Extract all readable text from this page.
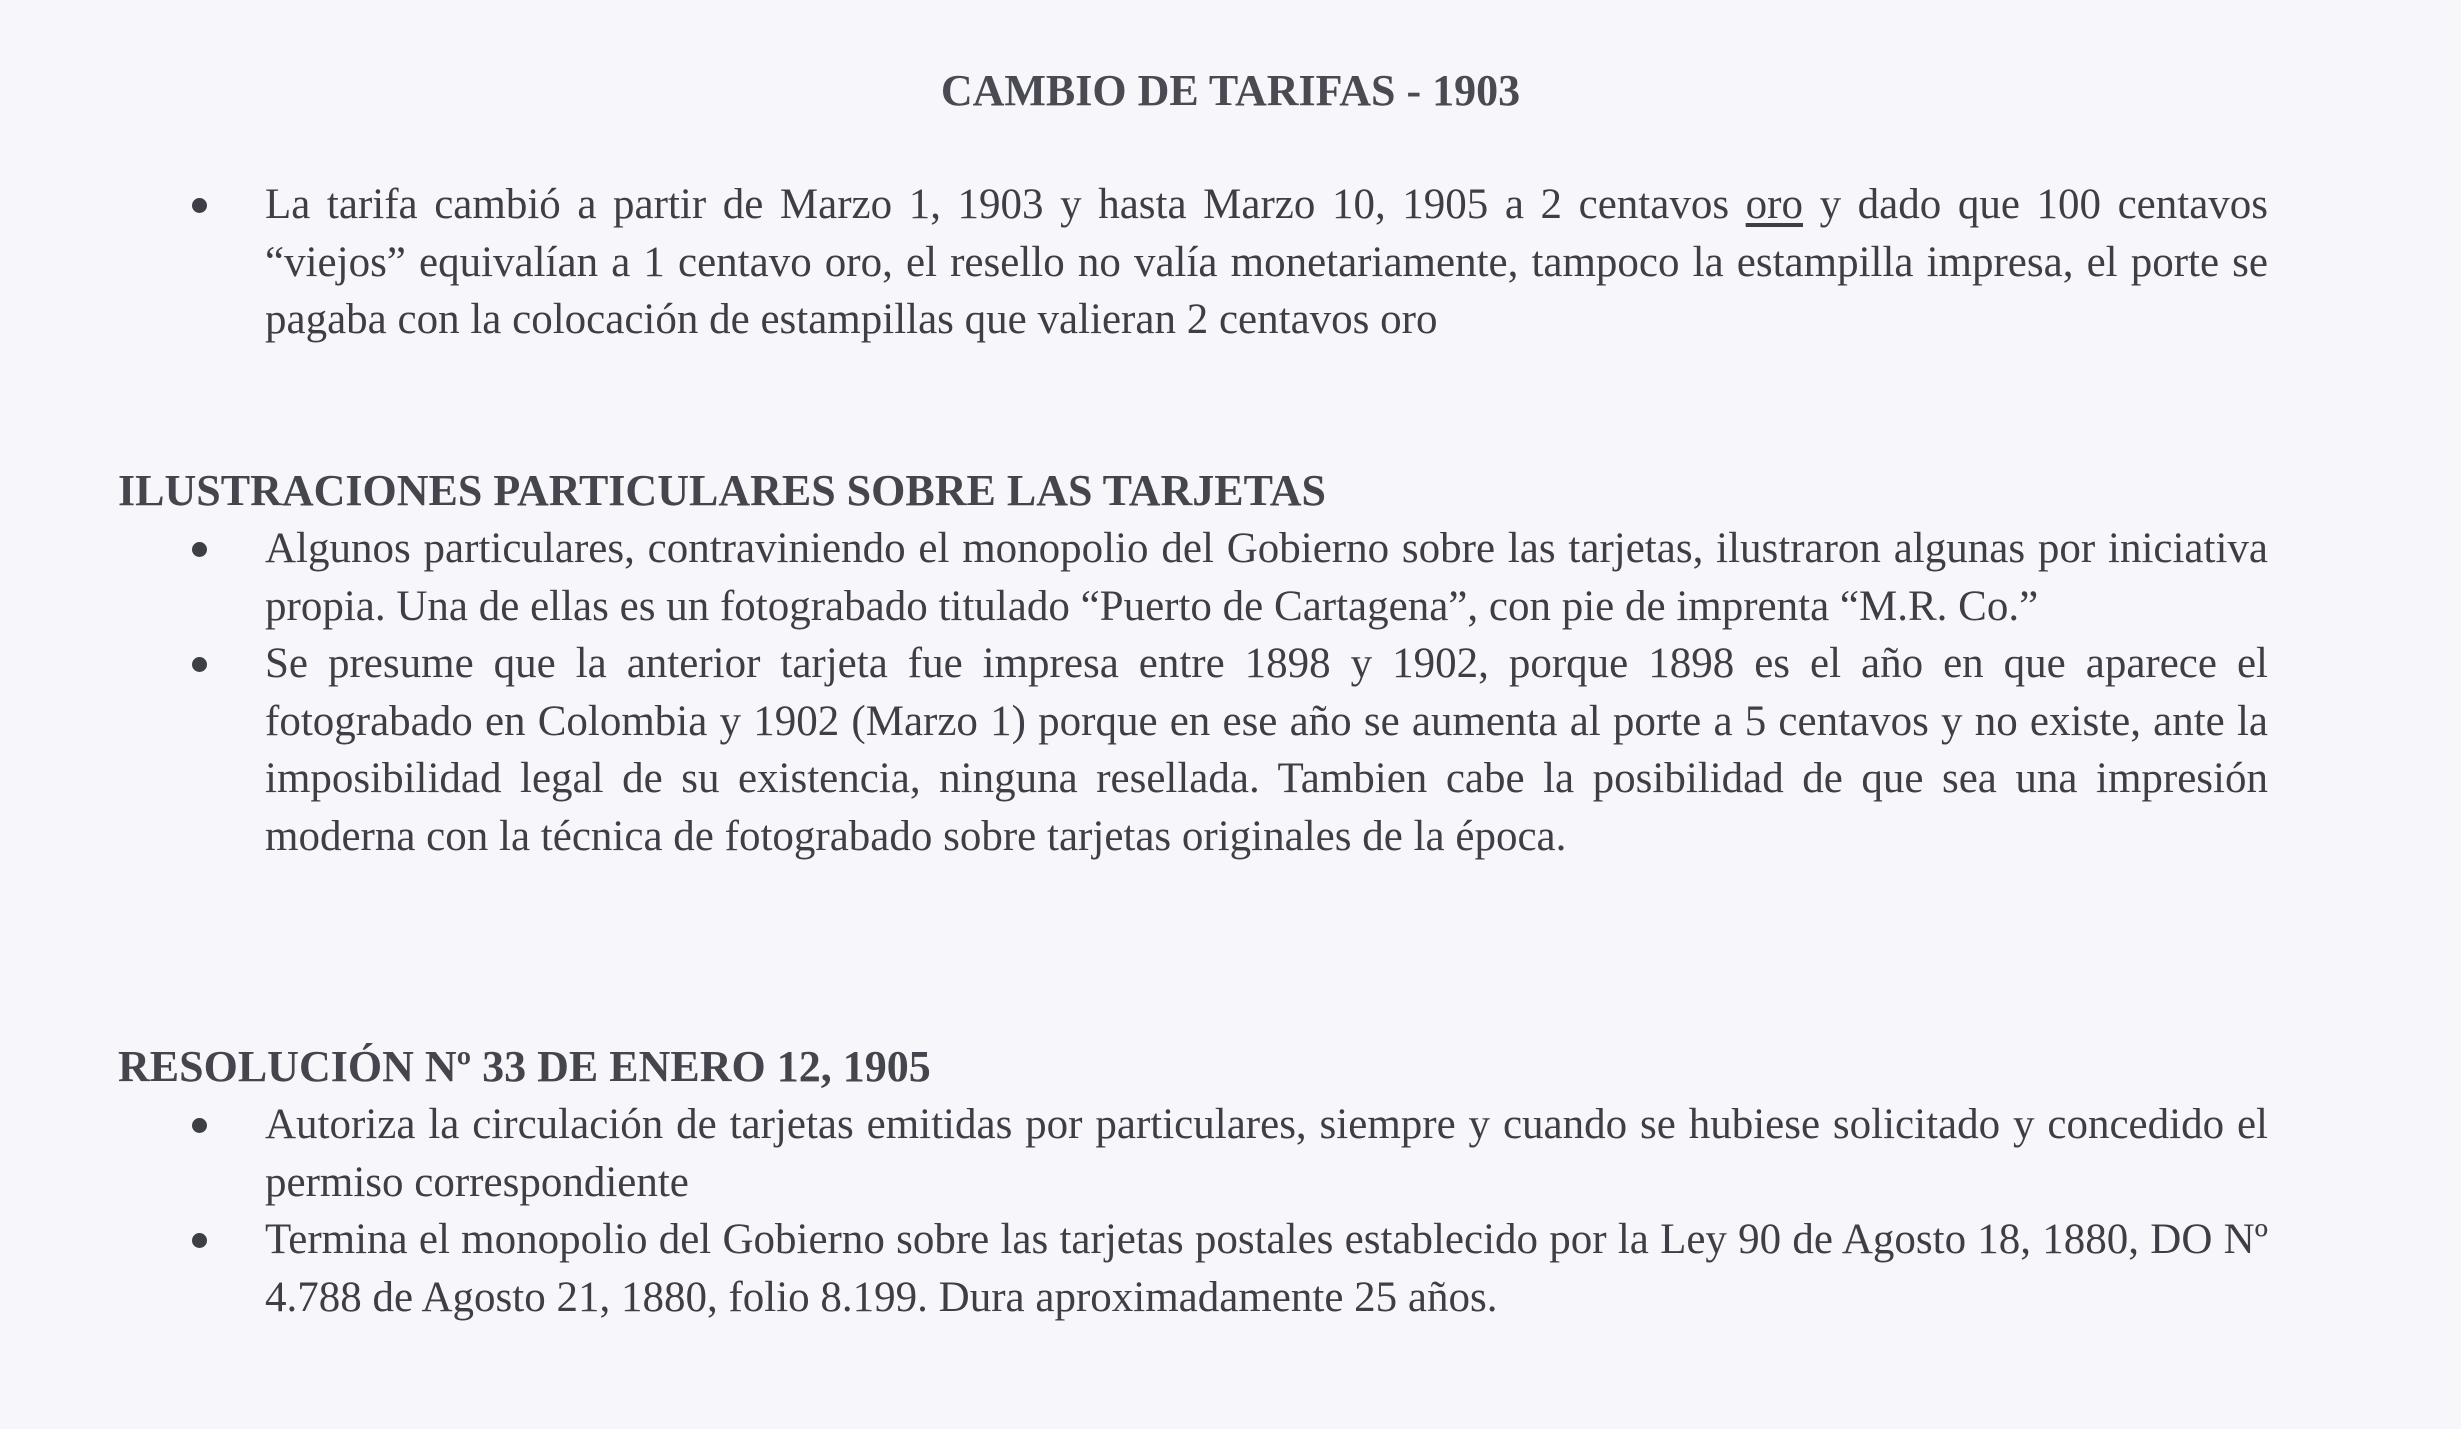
CAMBIO DE TARIFAS - 1903
La tarifa cambió a partir de Marzo 1, 1903 y hasta Marzo 10, 1905 a 2 centavos oro y dado que 100 centavos “viejos” equivalían a 1 centavo oro, el resello no valía monetariamente, tampoco la estampilla impresa, el porte se pagaba con la colocación de estampillas que valieran 2 centavos oro
ILUSTRACIONES PARTICULARES SOBRE LAS TARJETAS
Algunos particulares, contraviniendo el monopolio del Gobierno sobre las tarjetas, ilustraron algunas por iniciativa propia. Una de ellas es un fotograbado titulado “Puerto de Cartagena”, con pie de imprenta “M.R. Co.”
Se presume que la anterior tarjeta fue impresa entre 1898 y 1902, porque 1898 es el año en que aparece el fotograbado en Colombia y 1902 (Marzo 1) porque en ese año se aumenta al porte a 5 centavos y no existe, ante la imposibilidad legal de su existencia, ninguna resellada. Tambien cabe la posibilidad de que sea una impresión moderna con la técnica de fotograbado sobre tarjetas originales de la época.
RESOLUCIÓN Nº 33 DE ENERO 12, 1905
Autoriza la circulación de tarjetas emitidas por particulares, siempre y cuando se hubiese solicitado y concedido el permiso correspondiente
Termina el monopolio del Gobierno sobre las tarjetas postales establecido por la Ley 90 de Agosto 18, 1880, DO Nº 4.788 de Agosto 21, 1880, folio 8.199. Dura aproximadamente 25 años.
